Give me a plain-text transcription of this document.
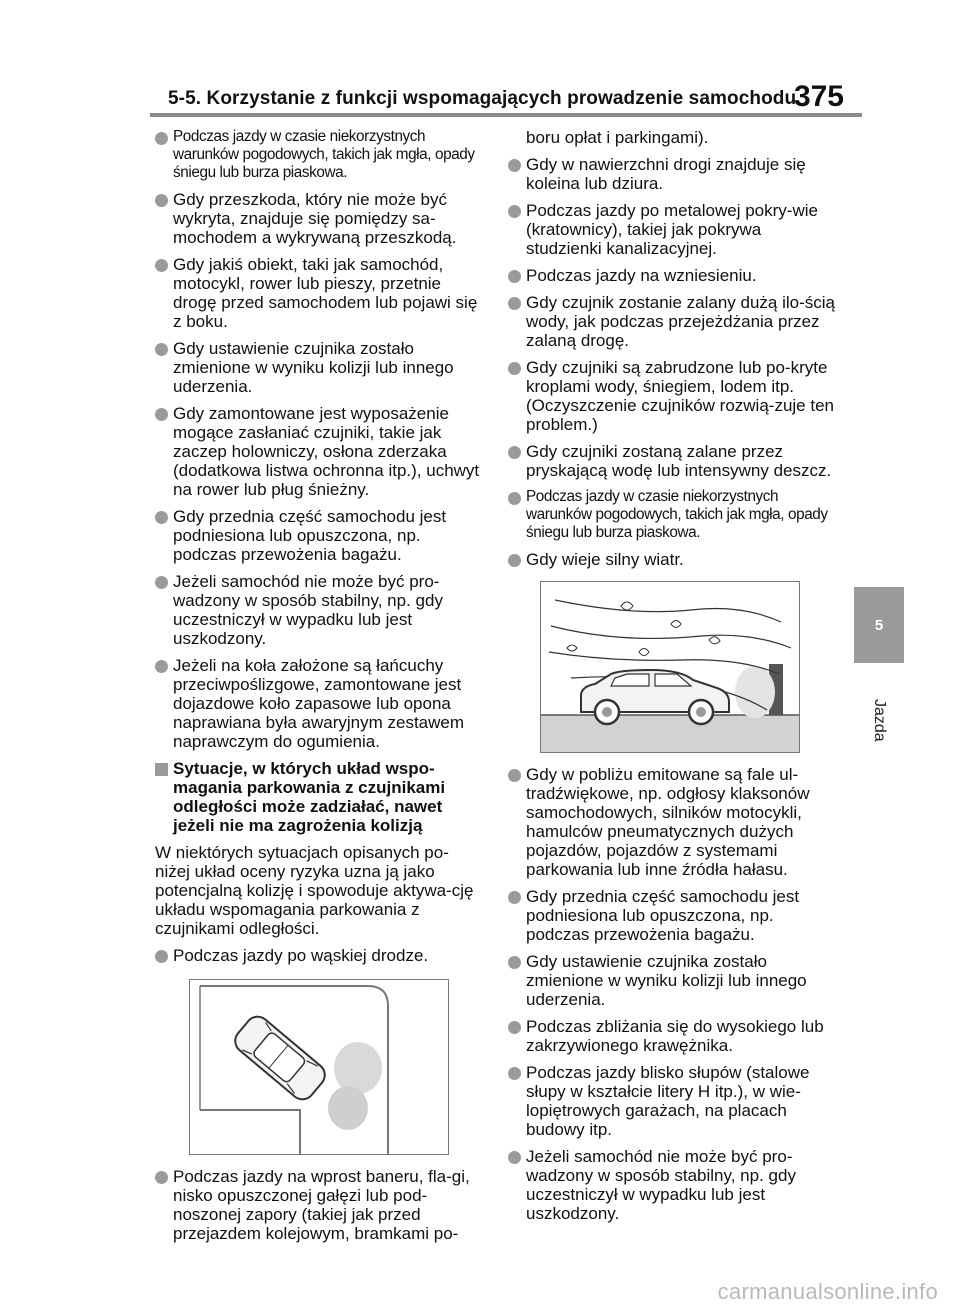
5-5. Korzystanie z funkcji wspomagających prowadzenie samochodu
375
5
Jazda
Podczas jazdy w czasie niekorzystnych warunków pogodowych, takich jak mgła, opady śniegu lub burza piaskowa.
Gdy przeszkoda, który nie może być wykryta, znajduje się pomiędzy sa-mochodem a wykrywaną przeszkodą.
Gdy jakiś obiekt, taki jak samochód, motocykl, rower lub pieszy, przetnie drogę przed samochodem lub pojawi się z boku.
Gdy ustawienie czujnika zostało zmienione w wyniku kolizji lub innego uderzenia.
Gdy zamontowane jest wyposażenie mogące zasłaniać czujniki, takie jak zaczep holowniczy, osłona zderzaka (dodatkowa listwa ochronna itp.), uchwyt na rower lub pług śnieżny.
Gdy przednia część samochodu jest podniesiona lub opuszczona, np. podczas przewożenia bagażu.
Jeżeli samochód nie może być pro-wadzony w sposób stabilny, np. gdy uczestniczył w wypadku lub jest uszkodzony.
Jeżeli na koła założone są łańcuchy przeciwpoślizgowe, zamontowane jest dojazdowe koło zapasowe lub opona naprawiana była awaryjnym zestawem naprawczym do ogumienia.
Sytuacje, w których układ wspo-magania parkowania z czujnikami odległości może zadziałać, nawet jeżeli nie ma zagrożenia kolizją
W niektórych sytuacjach opisanych po-niżej układ oceny ryzyka uzna ją jako potencjalną kolizję i spowoduje aktywa-cję układu wspomagania parkowania z czujnikami odległości.
Podczas jazdy po wąskiej drodze.
Podczas jazdy na wprost baneru, fla-gi, nisko opuszczonej gałęzi lub pod-noszonej zapory (takiej jak przed przejazdem kolejowym, bramkami po-
boru opłat i parkingami).
Gdy w nawierzchni drogi znajduje się koleina lub dziura.
Podczas jazdy po metalowej pokry-wie (kratownicy), takiej jak pokrywa studzienki kanalizacyjnej.
Podczas jazdy na wzniesieniu.
Gdy czujnik zostanie zalany dużą ilo-ścią wody, jak podczas przejeżdżania przez zalaną drogę.
Gdy czujniki są zabrudzone lub po-kryte kroplami wody, śniegiem, lodem itp. (Oczyszczenie czujników rozwią-zuje ten problem.)
Gdy czujniki zostaną zalane przez pryskającą wodę lub intensywny deszcz.
Podczas jazdy w czasie niekorzystnych warunków pogodowych, takich jak mgła, opady śniegu lub burza piaskowa.
Gdy wieje silny wiatr.
Gdy w pobliżu emitowane są fale ul-tradźwiękowe, np. odgłosy klaksonów samochodowych, silników motocykli, hamulców pneumatycznych dużych pojazdów, pojazdów z systemami parkowania lub inne źródła hałasu.
Gdy przednia część samochodu jest podniesiona lub opuszczona, np. podczas przewożenia bagażu.
Gdy ustawienie czujnika zostało zmienione w wyniku kolizji lub innego uderzenia.
Podczas zbliżania się do wysokiego lub zakrzywionego krawężnika.
Podczas jazdy blisko słupów (stalowe słupy w kształcie litery H itp.), w wie-lopiętrowych garażach, na placach budowy itp.
Jeżeli samochód nie może być pro-wadzony w sposób stabilny, np. gdy uczestniczył w wypadku lub jest uszkodzony.
carmanualsonline.info
